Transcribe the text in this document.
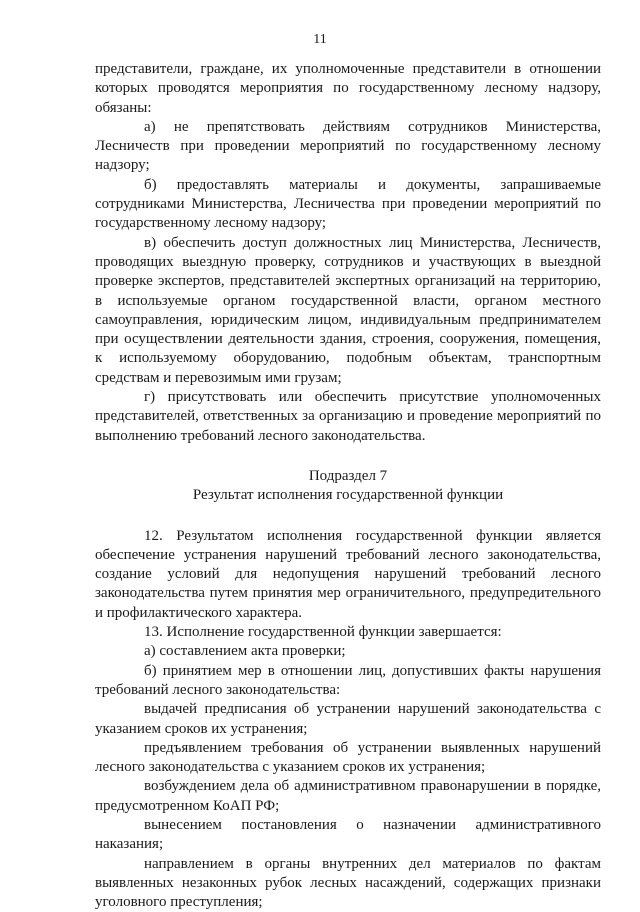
11

представители, граждане, их уполномоченные представители в отношении которых проводятся мероприятия по государственному лесному надзору, обязаны:

а) не препятствовать действиям сотрудников Министерства, Лесничеств при проведении мероприятий по государственному лесному надзору;

б) предоставлять материалы и документы, запрашиваемые сотрудниками Министерства, Лесничества при проведении мероприятий по государственному лесному надзору;

в) обеспечить доступ должностных лиц Министерства, Лесничеств, проводящих выездную проверку, сотрудников и участвующих в выездной проверке экспертов, представителей экспертных организаций на территорию, в используемые органом государственной власти, органом местного самоуправления, юридическим лицом, индивидуальным предпринимателем при осуществлении деятельности здания, строения, сооружения, помещения, к используемому оборудованию, подобным объектам, транспортным средствам и перевозимым ими грузам;

г) присутствовать или обеспечить присутствие уполномоченных представителей, ответственных за организацию и проведение мероприятий по выполнению требований лесного законодательства.

Подраздел 7

Результат исполнения государственной функции

12. Результатом исполнения государственной функции является обеспечение устранения нарушений требований лесного законодательства, создание условий для недопущения нарушений требований лесного законодательства путем принятия мер ограничительного, предупредительного и профилактического характера.

13. Исполнение государственной функции завершается:

а) составлением акта проверки;

б) принятием мер в отношении лиц, допустивших факты нарушения требований лесного законодательства:

выдачей предписания об устранении нарушений законодательства с указанием сроков их устранения;

предъявлением требования об устранении выявленных нарушений лесного законодательства с указанием сроков их устранения;

возбуждением дела об административном правонарушении в порядке, предусмотренном КоАП РФ;

вынесением постановления о назначении административного наказания;

направлением в органы внутренних дел материалов по фактам выявленных незаконных рубок лесных насаждений, содержащих признаки уголовного преступления;
